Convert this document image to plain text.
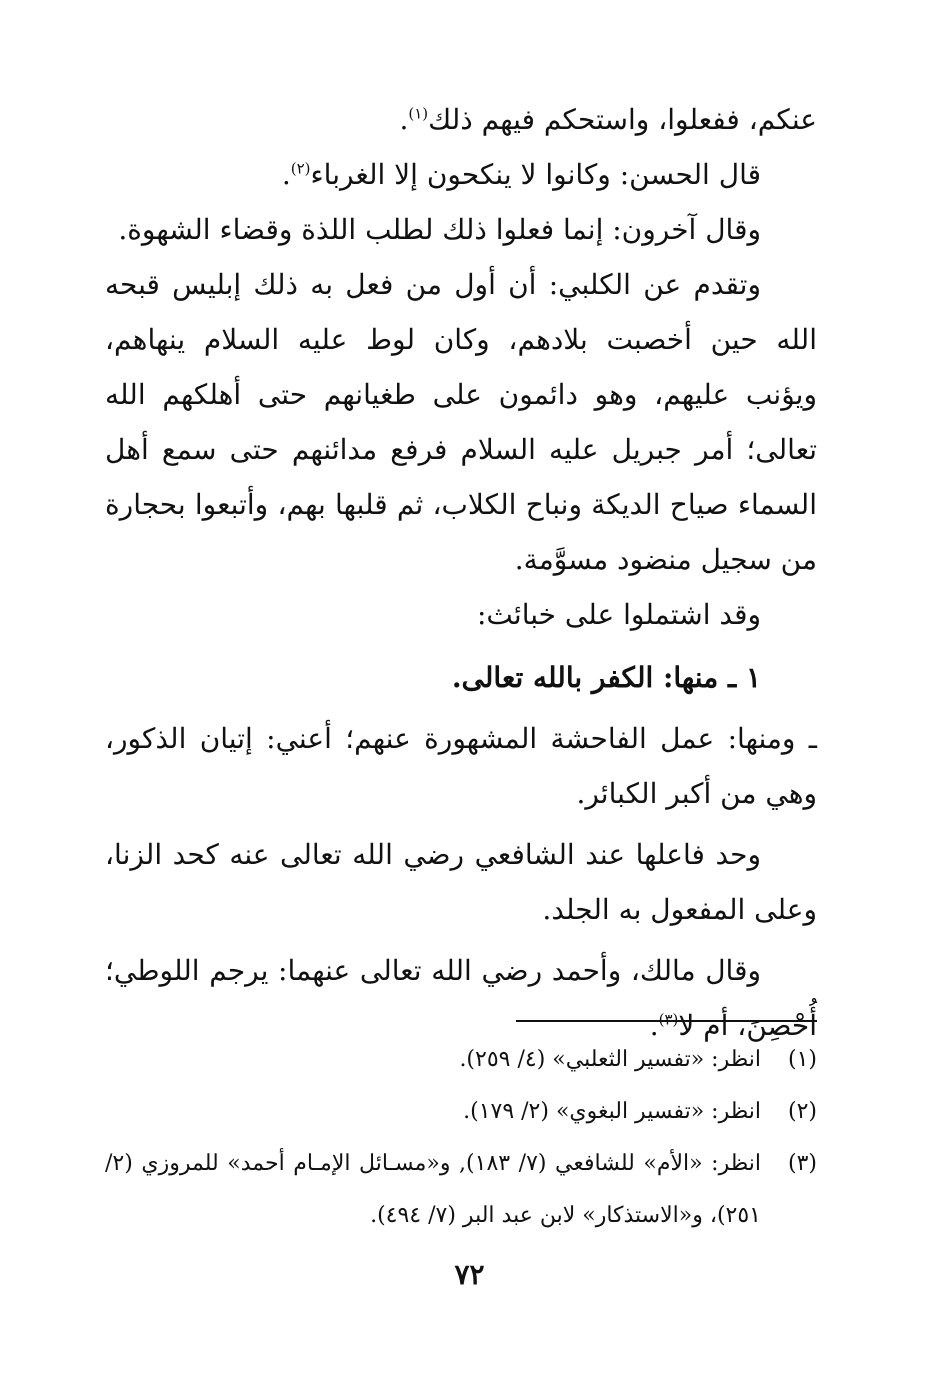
عنكم، ففعلوا، واستحكم فيهم ذلك$^{(١)}$.

قال الحسن: وكانوا لا ينكحون إلا الغرباء$^{(٢)}$.

وقال آخرون: إنما فعلوا ذلك لطلب اللذة وقضاء الشهوة.

وتقدم عن الكلبي: أن أول من فعل به ذلك إبليس قبحه الله حين أخصبت بلادهم، وكان لوط عليه السلام ينهاهم، ويؤنب عليهم، وهو دائمون على طغيانهم حتى أهلكهم الله تعالى؛ أمر جبريل عليه السلام فرفع مدائنهم حتى سمع أهل السماء صياح الديكة ونباح الكلاب، ثم قلبها بهم، وأتبعوا بحجارة من سجيل منضود مسوَّمة.

وقد اشتملوا على خبائث:

١ ـ منها: الكفر بالله تعالى.

ـ ومنها: عمل الفاحشة المشهورة عنهم؛ أعني: إتيان الذكور، وهي من أكبر الكبائر.

وحد فاعلها عند الشافعي رضي الله تعالى عنه كحد الزنا، وعلى المفعول به الجلد.

وقال مالك، وأحمد رضي الله تعالى عنهما: يرجم اللوطي؛ أُحْصِنَ، أم لا$^{(٣)}$.

(١)
انظر: «تفسير الثعلبي» (٤/ ٢٥٩).
(٢)
انظر: «تفسير البغوي» (٢/ ١٧٩).
(٣)
انظر: «الأم» للشافعي (٧/ ١٨٣), و«مسـائل الإمـام أحمد» للمروزي (٢/ ٢٥١)، و«الاستذكار» لابن عبد البر (٧/ ٤٩٤).
٧٢
